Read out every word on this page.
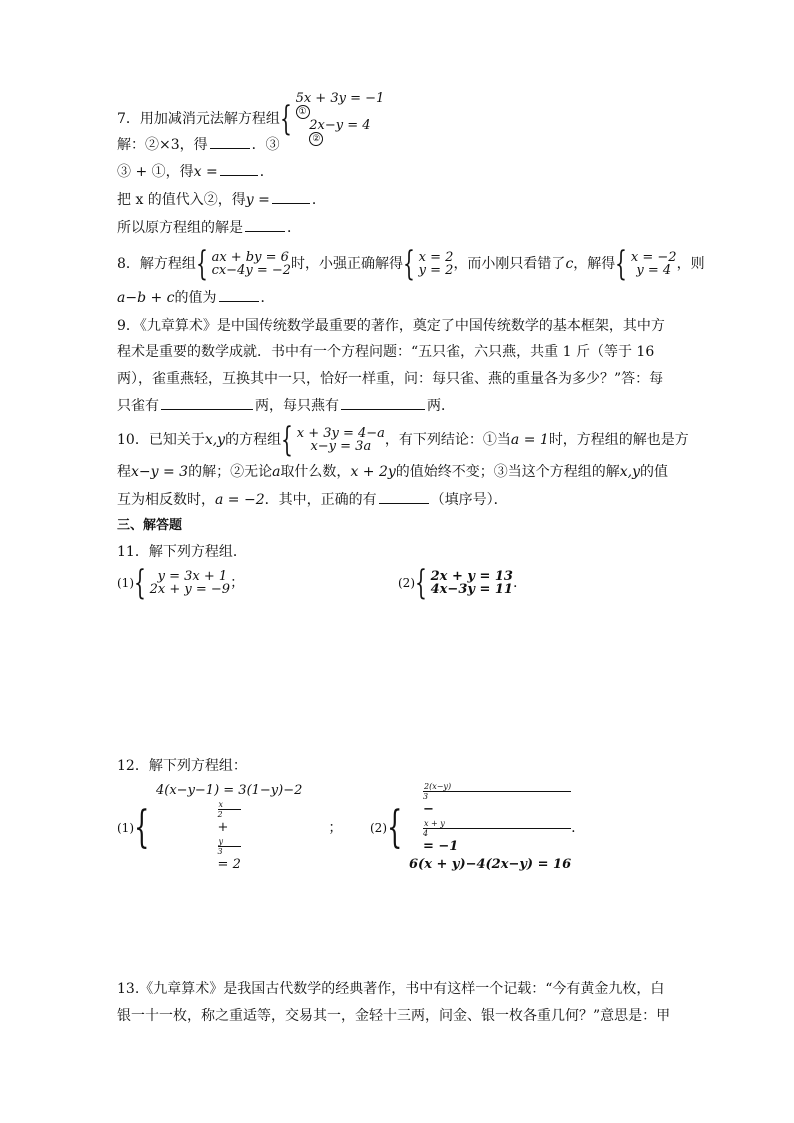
7．用加减消元法解方程组 {
5x + 3y = −1
①
2x−y = 4
②
解：②×3，得	．③
③ + ①，得x =	．
把 x 的值代入②，得y =	．
所以原方程组的解是	．
8．解方程组 { ax + by = 6
cx−4y = −2 时，小强正确解得 { x = 2
y = 2 ，而小刚只看错了c，解得 { x = −2
y = 4 ，则
a−b + c的值为	．
9．《九章算术》是中国传统数学最重要的著作，奠定了中国传统数学的基本框架，其中方
程术是重要的数学成就．书中有一个方程问题：“五只雀，六只燕，共重 1 斤（等于 16
两），雀重燕轻，互换其中一只，恰好一样重，问：每只雀、燕的重量各为多少？”答：每
只雀有	两，每只燕有	两．
10．已知关于x,y的方程组 { x + 3y = 4−a
x−y = 3a ，有下列结论：①当a = 1时，方程组的解也是方
程x−y = 3的解；②无论a取什么数，x + 2y的值始终不变；③当这个方程组的解x,y的值
互为相反数时，a = −2．其中，正确的有	（填序号）．
三、解答题
11．解下列方程组．
(1) { y = 3x + 1
2x + y = −9 ；	(2) { 2x + y = 13
4x−3y = 11 .
12．解下列方程组：
(1) {
4(x−y−1) = 3(1−y)−2
x
2
+
y
3
= 2
； (2) {
2(x−y)
3
−
x + y
4
= −1
6(x + y)−4(2x−y) = 16
.
13.《九章算术》是我国古代数学的经典著作，书中有这样一个记载：“今有黄金九枚，白
银一十一枚，称之重适等，交易其一，金轻十三两，问金、银一枚各重几何？”意思是：甲
